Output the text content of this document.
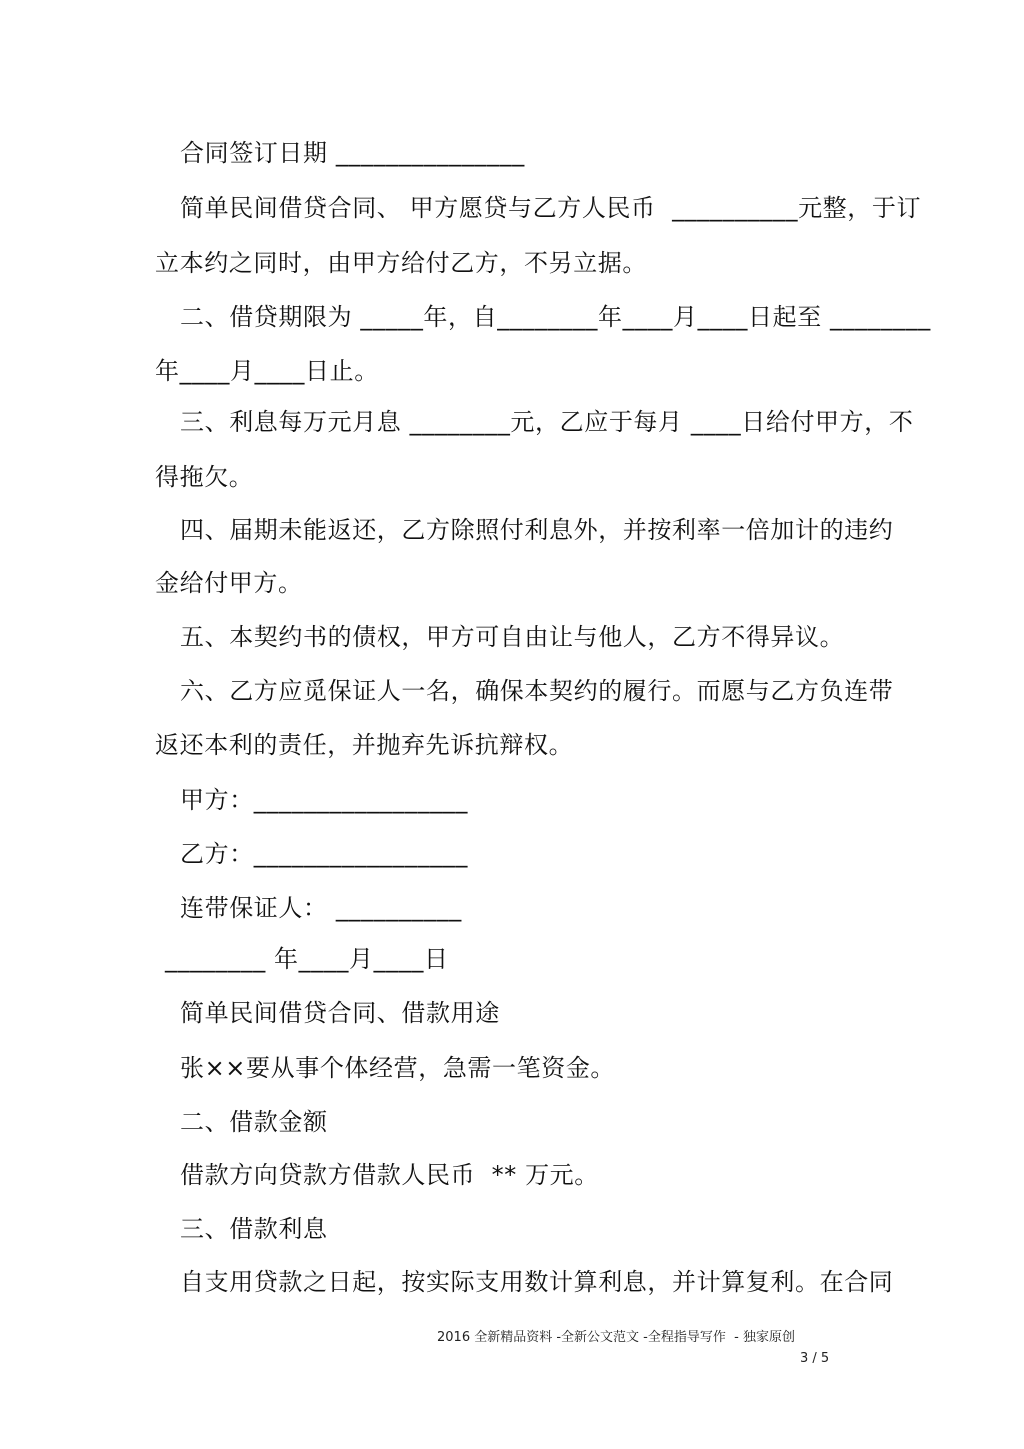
合同签订日期 _______________
简单民间借贷合同、 甲方愿贷与乙方人民币  __________元整，于订
立本约之同时，由甲方给付乙方，不另立据。
二、借贷期限为 _____年，自________年____月____日起至 ________
年____月____日止。
三、利息每万元月息 ________元，乙应于每月 ____日给付甲方，不
得拖欠。
四、届期未能返还，乙方除照付利息外，并按利率一倍加计的违约
金给付甲方。
五、本契约书的债权，甲方可自由让与他人，乙方不得异议。
六、乙方应觅保证人一名，确保本契约的履行。而愿与乙方负连带
返还本利的责任，并抛弃先诉抗辩权。
甲方：_________________
乙方：_________________
连带保证人： __________
________ 年____月____日
简单民间借贷合同、借款用途
张××要从事个体经营，急需一笔资金。
二、借款金额
借款方向贷款方借款人民币  ** 万元。
三、借款利息
自支用贷款之日起，按实际支用数计算利息，并计算复利。在合同
2016 全新精品资料 -全新公文范文 -全程指导写作  - 独家原创
3 / 5
